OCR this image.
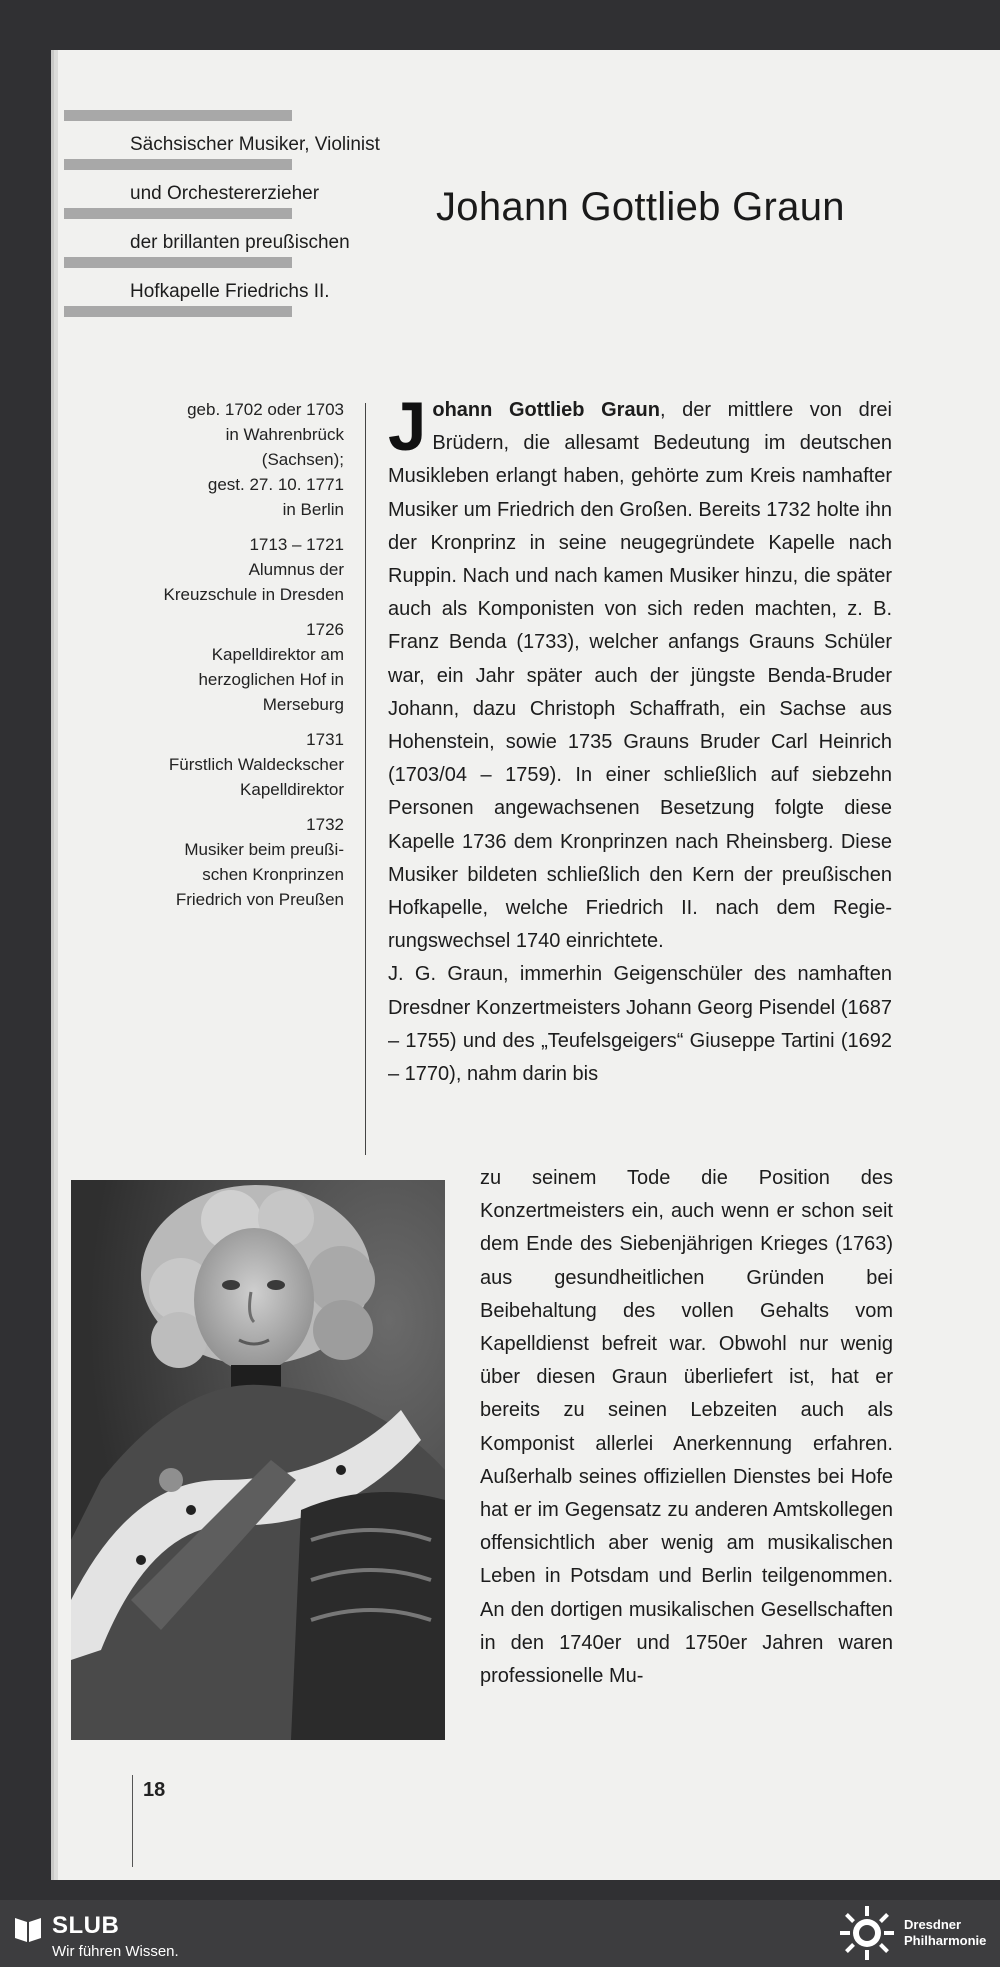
Sächsischer Musiker, Violinist
und Orchestererzieher
der brillanten preußischen
Hofkapelle Friedrichs II.
Johann Gottlieb Graun
geb. 1702 oder 1703
in Wahrenbrück
(Sachsen);
gest. 27. 10. 1771
in Berlin
1713 – 1721
Alumnus der
Kreuzschule in Dresden
1726
Kapelldirektor am
herzoglichen Hof in
Merseburg
1731
Fürstlich Waldeckscher
Kapelldirektor
1732
Musiker beim preußi-
schen Kronprinzen
Friedrich von Preußen

Johann Gottlieb Graun, der mittlere von drei Brüdern, die allesamt Bedeutung im deutschen Musikleben erlangt haben, gehörte zum Kreis namhafter Musiker um Friedrich den Großen. Bereits 1732 holte ihn der Kronprinz in seine neugegründete Kapelle nach Ruppin. Nach und nach kamen Musiker hinzu, die später auch als Komponisten von sich reden machten, z. B. Franz Benda (1733), welcher anfangs Grauns Schüler war, ein Jahr später auch der jüngste Benda-Bruder Johann, dazu Christoph Schaffrath, ein Sachse aus Hohenstein, sowie 1735 Grauns Bruder Carl Heinrich (1703/04 – 1759). In einer schließlich auf siebzehn Personen angewachsenen Besetzung folgte diese Kapelle 1736 dem Kronprinzen nach Rheinsberg. Diese Musiker bildeten schließlich den Kern der preußischen Hofkapelle, welche Friedrich II. nach dem Regierungswechsel 1740 einrichtete.

J. G. Graun, immerhin Geigenschüler des namhaften Dresdner Konzertmeisters Johann Georg Pisendel (1687 – 1755) und des „Teufelsgeigers“ Giuseppe Tartini (1692 – 1770), nahm darin bis

zu seinem Tode die Position des Konzertmeisters ein, auch wenn er schon seit dem Ende des Siebenjährigen Krieges (1763) aus gesundheitlichen Gründen bei Beibehaltung des vollen Gehalts vom Kapelldienst befreit war. Obwohl nur wenig über diesen Graun überliefert ist, hat er bereits zu seinen Lebzeiten auch als Komponist allerlei Anerkennung erfahren. Außerhalb seines offiziellen Dienstes bei Hofe hat er im Gegensatz zu anderen Amtskollegen offensichtlich aber wenig am musikalischen Leben in Potsdam und Berlin teilgenommen. An den dortigen musikalischen Gesellschaften in den 1740er und 1750er Jahren waren professionelle Mu-

18
SLUB
Wir führen Wissen.
Dresdner
Philharmonie
